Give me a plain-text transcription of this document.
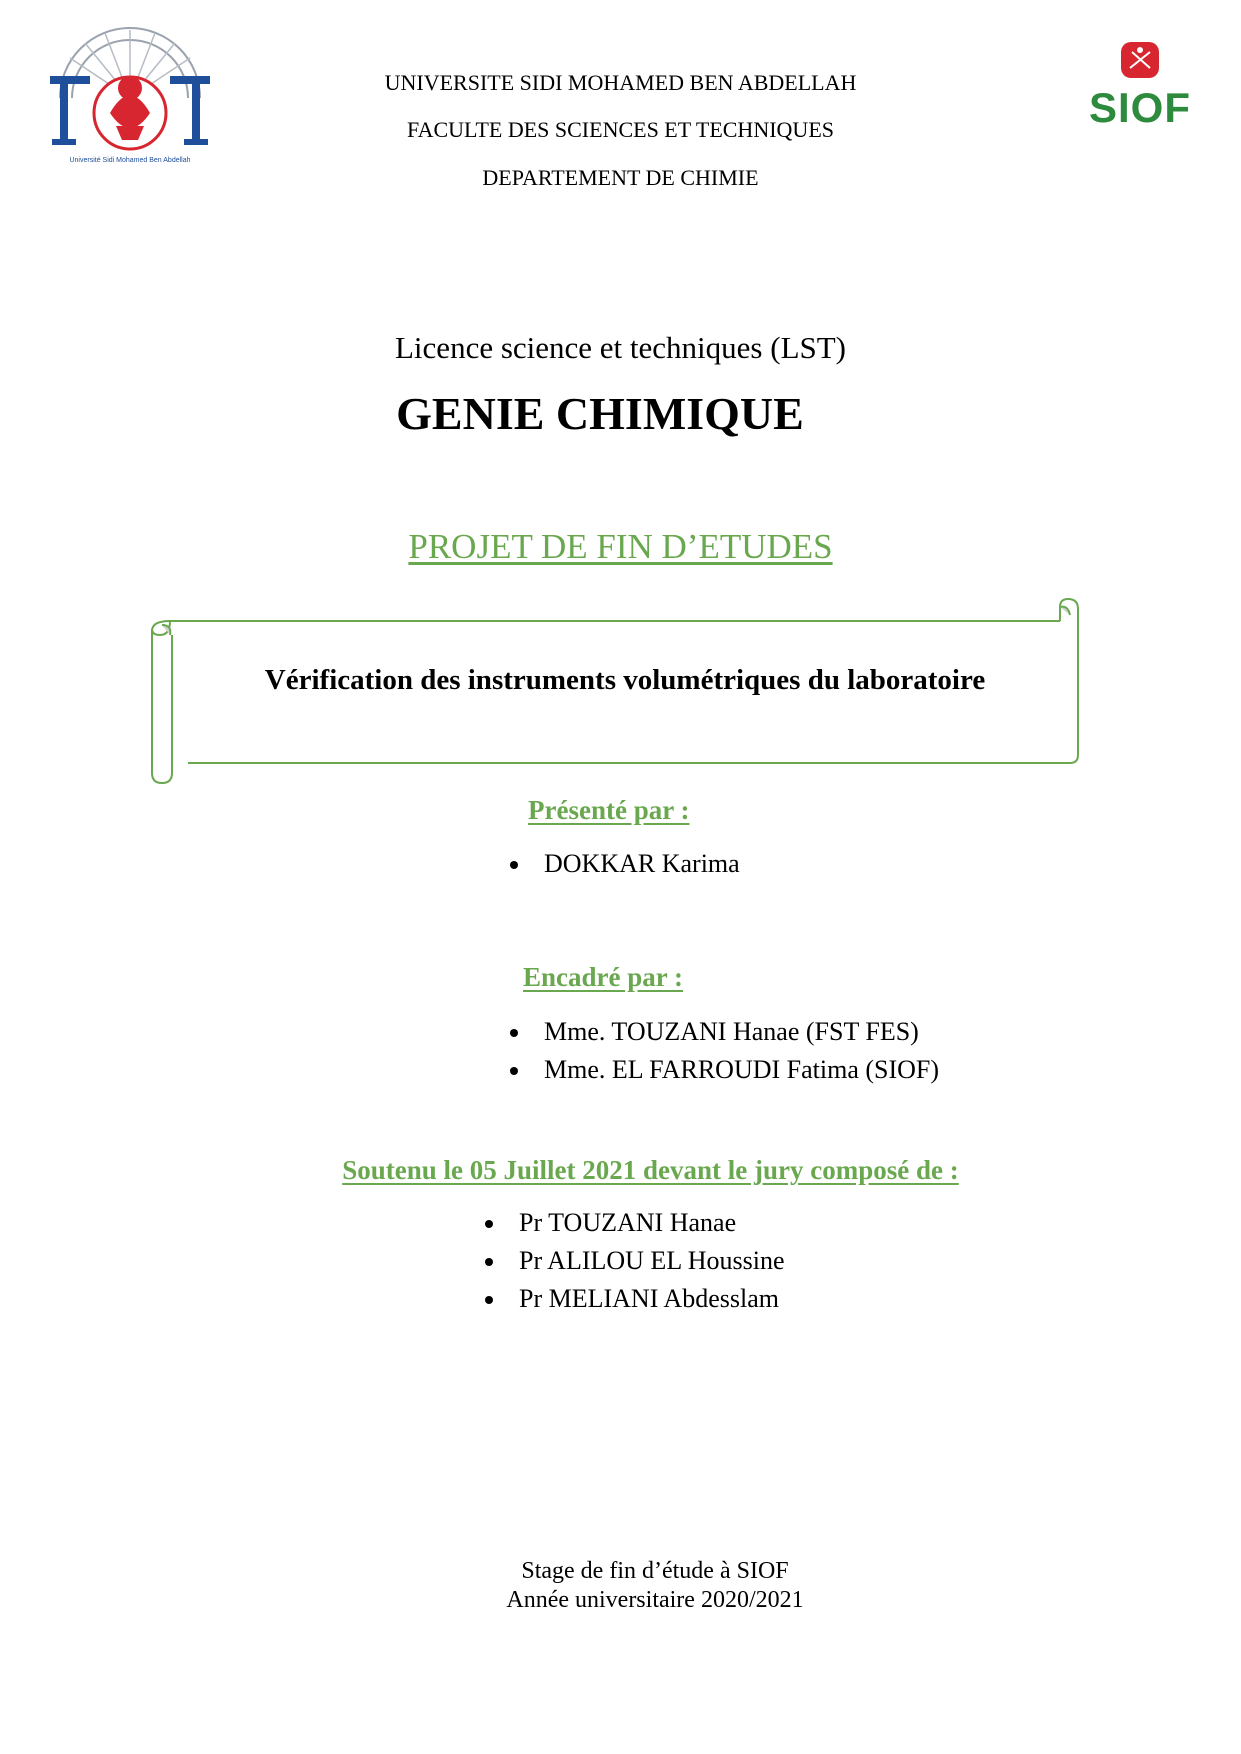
Université Sidi Mohamed Ben Abdellah
SIOF
UNIVERSITE SIDI MOHAMED BEN ABDELLAH
FACULTE DES SCIENCES ET TECHNIQUES
DEPARTEMENT DE CHIMIE
Licence science et techniques (LST)
GENIE CHIMIQUE
PROJET DE FIN D’ETUDES
Vérification des instruments volumétriques du laboratoire
Présenté par :
DOKKAR Karima
Encadré par :
Mme. TOUZANI Hanae (FST FES)
Mme. EL FARROUDI Fatima (SIOF)
Soutenu le 05 Juillet 2021 devant le jury composé de :
Pr TOUZANI Hanae
Pr ALILOU EL Houssine
Pr MELIANI Abdesslam
Stage de fin d’étude à SIOF
Année universitaire 2020/2021
